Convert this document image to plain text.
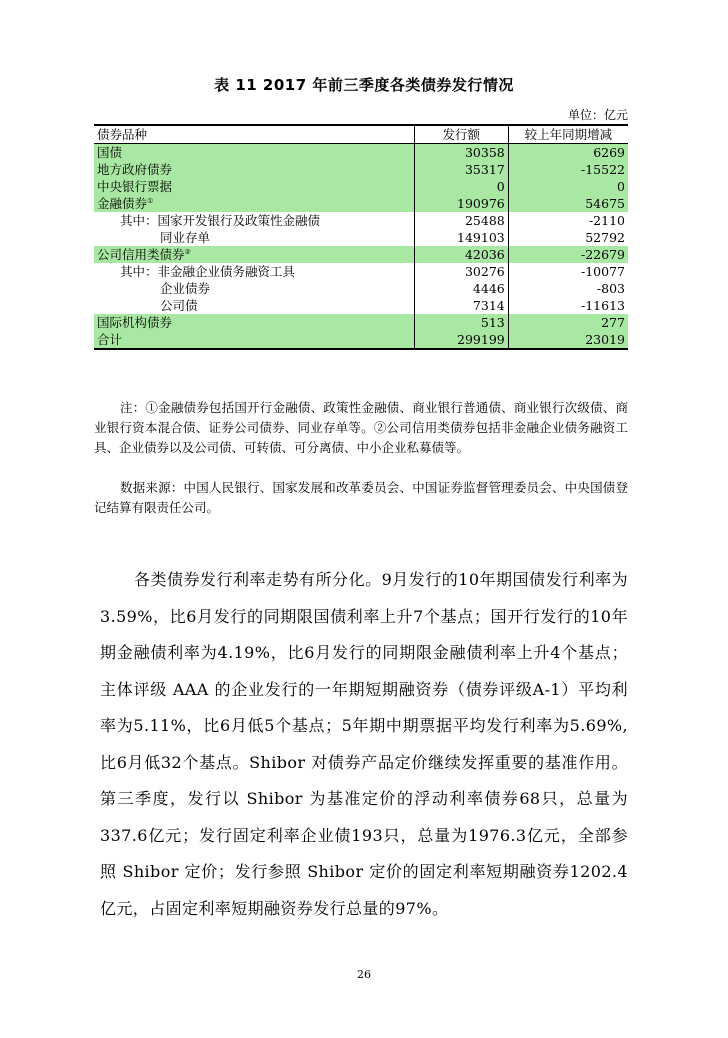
表 11 2017 年前三季度各类债券发行情况
单位：亿元
债券品种	发行额	较上年同期增减
国债	30358	6269
地方政府债券	35317	-15522
中央银行票据	0	0
金融债券①	190976	54675
其中：国家开发银行及政策性金融债	25488	-2110
同业存单	149103	52792
公司信用类债券②	42036	-22679
其中：非金融企业债务融资工具	30276	-10077
企业债券	4446	-803
公司债	7314	-11613
国际机构债券	513	277
合计	299199	23019

注：①金融债券包括国开行金融债、政策性金融债、商业银行普通债、商业银行次级债、商业银行资本混合债、证券公司债券、同业存单等。②公司信用类债券包括非金融企业债务融资工具、企业债券以及公司债、可转债、可分离债、中小企业私募债等。

数据来源：中国人民银行、国家发展和改革委员会、中国证券监督管理委员会、中央国债登记结算有限责任公司。

各类债券发行利率走势有所分化。9月发行的10年期国债发行利率为3.59%，比6月发行的同期限国债利率上升7个基点；国开行发行的10年期金融债利率为4.19%，比6月发行的同期限金融债利率上升4个基点；主体评级 AAA 的企业发行的一年期短期融资券（债券评级A-1）平均利率为5.11%，比6月低5个基点；5年期中期票据平均发行利率为5.69%,比6月低32个基点。Shibor 对债券产品定价继续发挥重要的基准作用。第三季度，发行以 Shibor 为基准定价的浮动利率债券68只，总量为337.6亿元；发行固定利率企业债193只，总量为1976.3亿元，全部参照 Shibor 定价；发行参照 Shibor 定价的固定利率短期融资券1202.4亿元，占固定利率短期融资券发行总量的97%。

26
